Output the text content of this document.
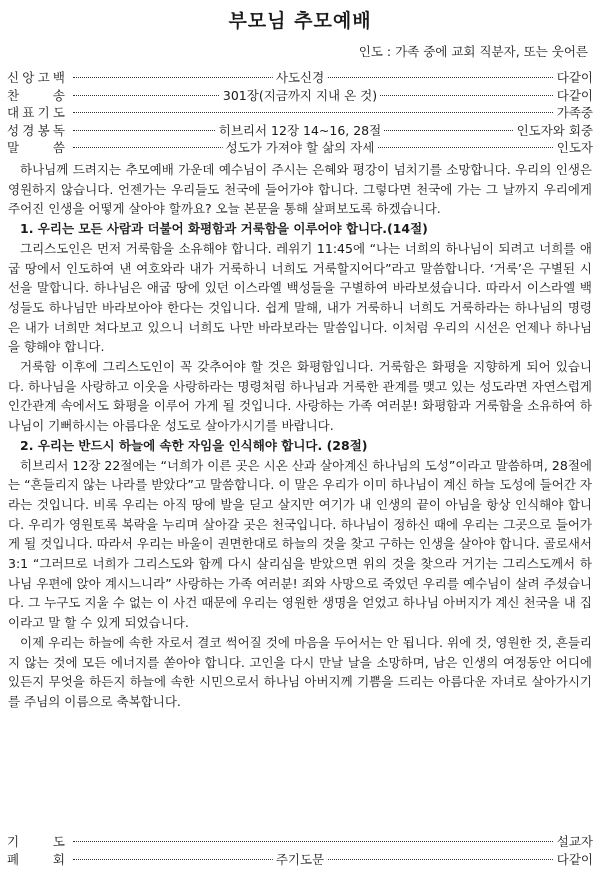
부모님 추모예배
인도 : 가족 중에 교회 직분자, 또는 웃어른
신 앙 고 백	사도신경	다같이
찬	송	301장(지금까지 지내 온 것)	다같이
대 표 기 도	가족중
성 경 봉 독	히브리서 12장 14~16, 28절	인도자와 회중
말	씀	성도가 가져야 할 삶의 자세	인도자

하나님께 드려지는 추모예배 가운데 예수님이 주시는 은혜와 평강이 넘치기를 소망합니다. 우리의 인생은 영원하지 않습니다. 언젠가는 우리들도 천국에 들어가야 합니다. 그렇다면 천국에 가는 그 날까지 우리에게 주어진 인생을 어떻게 살아야 할까요? 오늘 본문을 통해 살펴보도록 하겠습니다.

1. 우리는 모든 사람과 더불어 화평함과 거룩함을 이루어야 합니다.(14절)

그리스도인은 먼저 거룩함을 소유해야 합니다. 레위기 11:45에 “나는 너희의 하나님이 되려고 너희를 애굽 땅에서 인도하여 낸 여호와라 내가 거룩하니 너희도 거룩할지어다”라고 말씀합니다. ‘거룩’은 구별된 시선을 말합니다. 하나님은 애굽 땅에 있던 이스라엘 백성들을 구별하여 바라보셨습니다. 따라서 이스라엘 백성들도 하나님만 바라보아야 한다는 것입니다. 쉽게 말해, 내가 거룩하니 너희도 거룩하라는 하나님의 명령은 내가 너희만 쳐다보고 있으니 너희도 나만 바라보라는 말씀입니다. 이처럼 우리의 시선은 언제나 하나님을 향해야 합니다.

거룩함 이후에 그리스도인이 꼭 갖추어야 할 것은 화평함입니다. 거룩함은 화평을 지향하게 되어 있습니다. 하나님을 사랑하고 이웃을 사랑하라는 명령처럼 하나님과 거룩한 관계를 맺고 있는 성도라면 자연스럽게 인간관계 속에서도 화평을 이루어 가게 될 것입니다. 사랑하는 가족 여러분! 화평함과 거룩함을 소유하여 하나님이 기뻐하시는 아름다운 성도로 살아가시기를 바랍니다.

2. 우리는 반드시 하늘에 속한 자임을 인식해야 합니다. (28절)

히브리서 12장 22절에는 “너희가 이른 곳은 시온 산과 살아계신 하나님의 도성”이라고 말씀하며, 28절에는 “흔들리지 않는 나라를 받았다”고 말씀합니다. 이 말은 우리가 이미 하나님이 계신 하늘 도성에 들어간 자라는 것입니다. 비록 우리는 아직 땅에 발을 딛고 살지만 여기가 내 인생의 끝이 아님을 항상 인식해야 합니다. 우리가 영원토록 복락을 누리며 살아갈 곳은 천국입니다. 하나님이 정하신 때에 우리는 그곳으로 들어가게 될 것입니다. 따라서 우리는 바울이 권면한대로 하늘의 것을 찾고 구하는 인생을 살아야 합니다. 골로새서 3:1 “그러므로 너희가 그리스도와 함께 다시 살리심을 받았으면 위의 것을 찾으라 거기는 그리스도께서 하나님 우편에 앉아 계시느니라” 사랑하는 가족 여러분! 죄와 사망으로 죽었던 우리를 예수님이 살려 주셨습니다. 그 누구도 지울 수 없는 이 사건 때문에 우리는 영원한 생명을 얻었고 하나님 아버지가 계신 천국을 내 집이라고 말 할 수 있게 되었습니다.

이제 우리는 하늘에 속한 자로서 결코 썩어질 것에 마음을 두어서는 안 됩니다. 위에 것, 영원한 것, 흔들리지 않는 것에 모든 에너지를 쏟아야 합니다. 고인을 다시 만날 날을 소망하며, 남은 인생의 여정동안 어디에 있든지 무엇을 하든지 하늘에 속한 시민으로서 하나님 아버지께 기쁨을 드리는 아름다운 자녀로 살아가시기를 주님의 이름으로 축복합니다.

기	도	설교자
폐	회	주기도문	다같이
